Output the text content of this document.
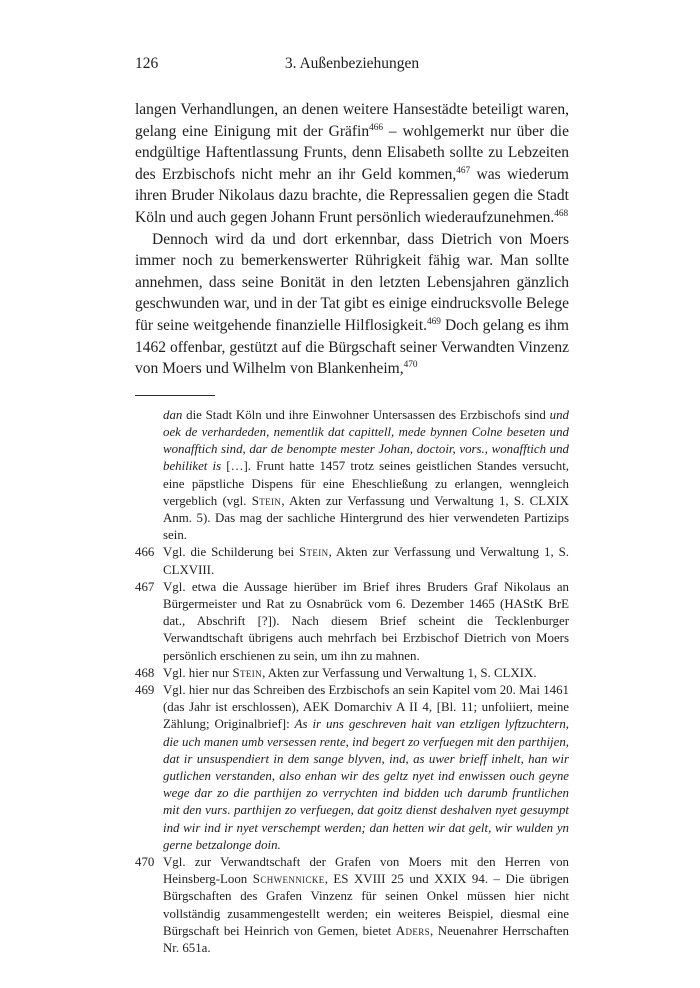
126	3. Außenbeziehungen

langen Verhandlungen, an denen weitere Hansestädte beteiligt waren, gelang eine Einigung mit der Gräfin$^{466}$ – wohlgemerkt nur über die endgültige Haftentlassung Frunts, denn Elisabeth sollte zu Lebzeiten des Erzbischofs nicht mehr an ihr Geld kommen,$^{467}$ was wiederum ihren Bruder Nikolaus dazu brachte, die Repressalien gegen die Stadt Köln und auch gegen Johann Frunt persönlich wiederaufzunehmen.$^{468}$

Dennoch wird da und dort erkennbar, dass Dietrich von Moers immer noch zu bemerkenswerter Rührigkeit fähig war. Man sollte annehmen, dass seine Bonität in den letzten Lebensjahren gänzlich geschwunden war, und in der Tat gibt es einige eindrucksvolle Belege für seine weitgehende finanzielle Hilflosigkeit.$^{469}$ Doch gelang es ihm 1462 offenbar, gestützt auf die Bürgschaft seiner Verwandten Vinzenz von Moers und Wilhelm von Blankenheim,$^{470}$

dan die Stadt Köln und ihre Einwohner Untersassen des Erzbischofs sind und oek de verhardeden, nementlik dat capittell, mede bynnen Colne beseten und wonafftich sind, dar de benompte mester Johan, doctoir, vors., wonafftich und behiliket is […]. Frunt hatte 1457 trotz seines geistlichen Standes versucht, eine päpstliche Dispens für eine Eheschließung zu erlangen, wenngleich vergeblich (vgl. Stein, Akten zur Verfassung und Verwaltung 1, S. CLXIX Anm. 5). Das mag der sachliche Hintergrund des hier verwendeten Partizips sein.
466 Vgl. die Schilderung bei Stein, Akten zur Verfassung und Verwaltung 1, S. CLXVIII.
467 Vgl. etwa die Aussage hierüber im Brief ihres Bruders Graf Nikolaus an Bürgermeister und Rat zu Osnabrück vom 6. Dezember 1465 (HAStK BrE dat., Abschrift [?]). Nach diesem Brief scheint die Tecklenburger Verwandtschaft übrigens auch mehrfach bei Erzbischof Dietrich von Moers persönlich erschienen zu sein, um ihn zu mahnen.
468 Vgl. hier nur Stein, Akten zur Verfassung und Verwaltung 1, S. CLXIX.
469 Vgl. hier nur das Schreiben des Erzbischofs an sein Kapitel vom 20. Mai 1461 (das Jahr ist erschlossen), AEK Domarchiv A II 4, [Bl. 11; unfoliiert, meine Zählung; Originalbrief]: As ir uns geschreven hait van etzligen lyftzuchtern, die uch manen umb versessen rente, ind begert zo verfuegen mit den parthijen, dat ir unsuspendiert in dem sange blyven, ind, as uwer brieff inhelt, han wir gutlichen verstanden, also enhan wir des geltz nyet ind enwissen ouch geyne wege dar zo die parthijen zo verrychten ind bidden uch darumb fruntlichen mit den vurs. parthijen zo verfuegen, dat goitz dienst deshalven nyet gesuympt ind wir ind ir nyet verschempt werden; dan hetten wir dat gelt, wir wulden yn gerne betzalonge doin.
470 Vgl. zur Verwandtschaft der Grafen von Moers mit den Herren von Heinsberg-Loon Schwennicke, ES XVIII 25 und XXIX 94. – Die übrigen Bürgschaften des Grafen Vinzenz für seinen Onkel müssen hier nicht vollständig zusammengestellt werden; ein weiteres Beispiel, diesmal eine Bürgschaft bei Heinrich von Gemen, bietet Aders, Neuenahrer Herrschaften Nr. 651a.
